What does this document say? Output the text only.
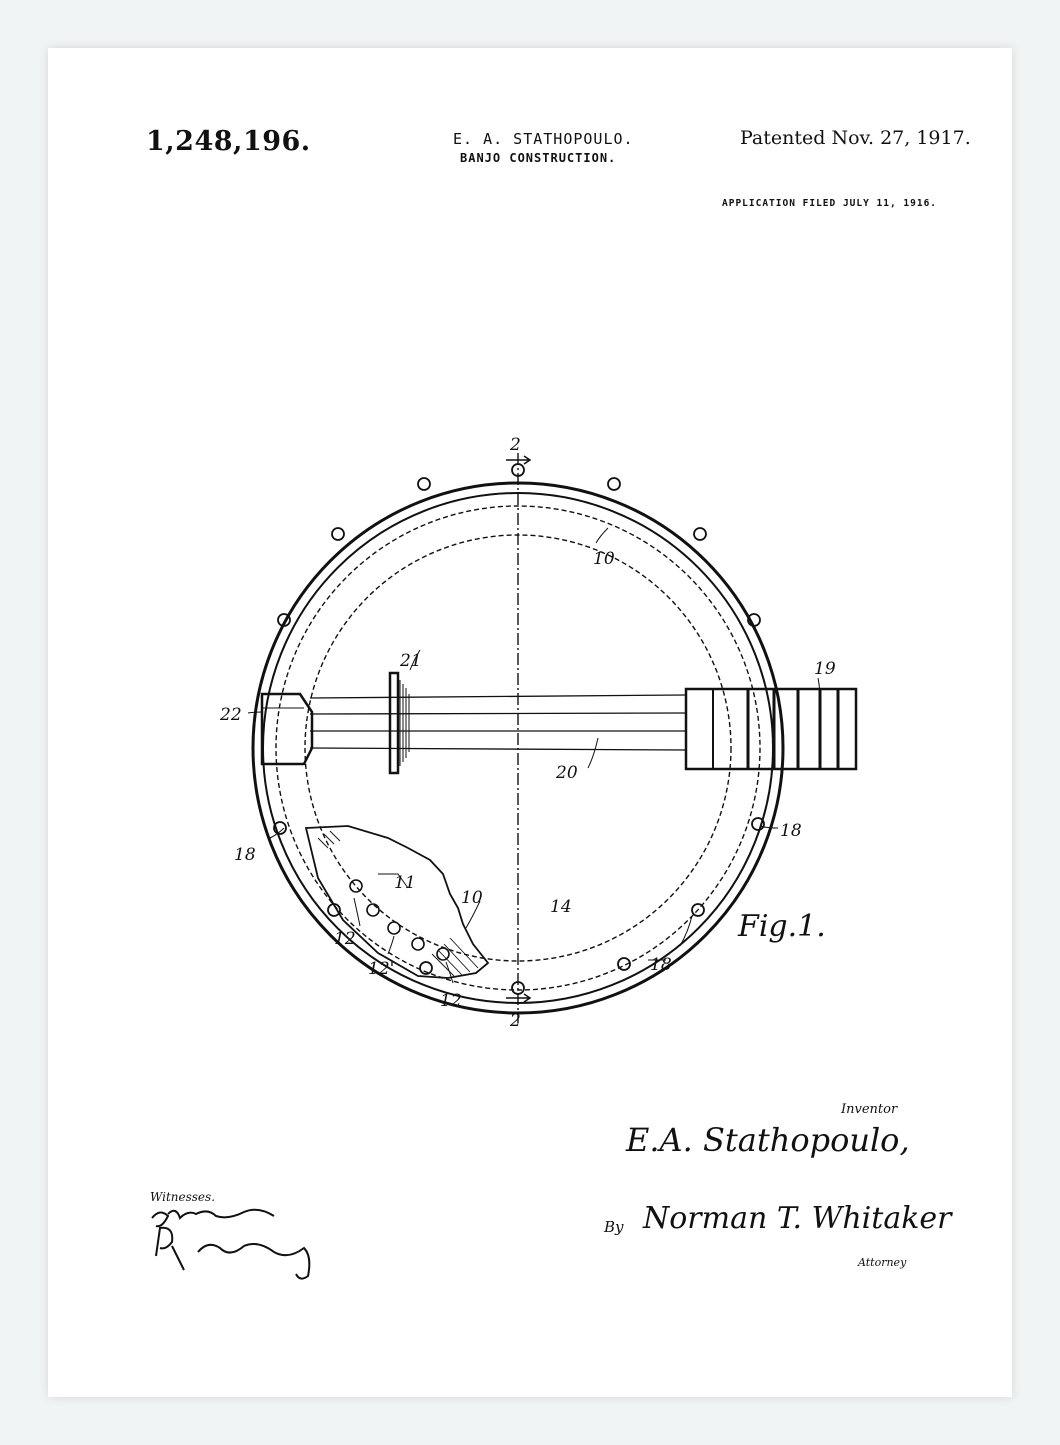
1,248,196.	E. A. STATHOPOULO.
BANJO CONSTRUCTION.
Patented Nov. 27, 1917.
APPLICATION FILED JULY 11, 1916.
2
2
10
21
22
19
20
18
18
11
10	14
12
12'
12
18
Fig.1.
Inventor
E.A. Stathopoulo,
By Norman T. Whitaker
Attorney
Witnesses.
